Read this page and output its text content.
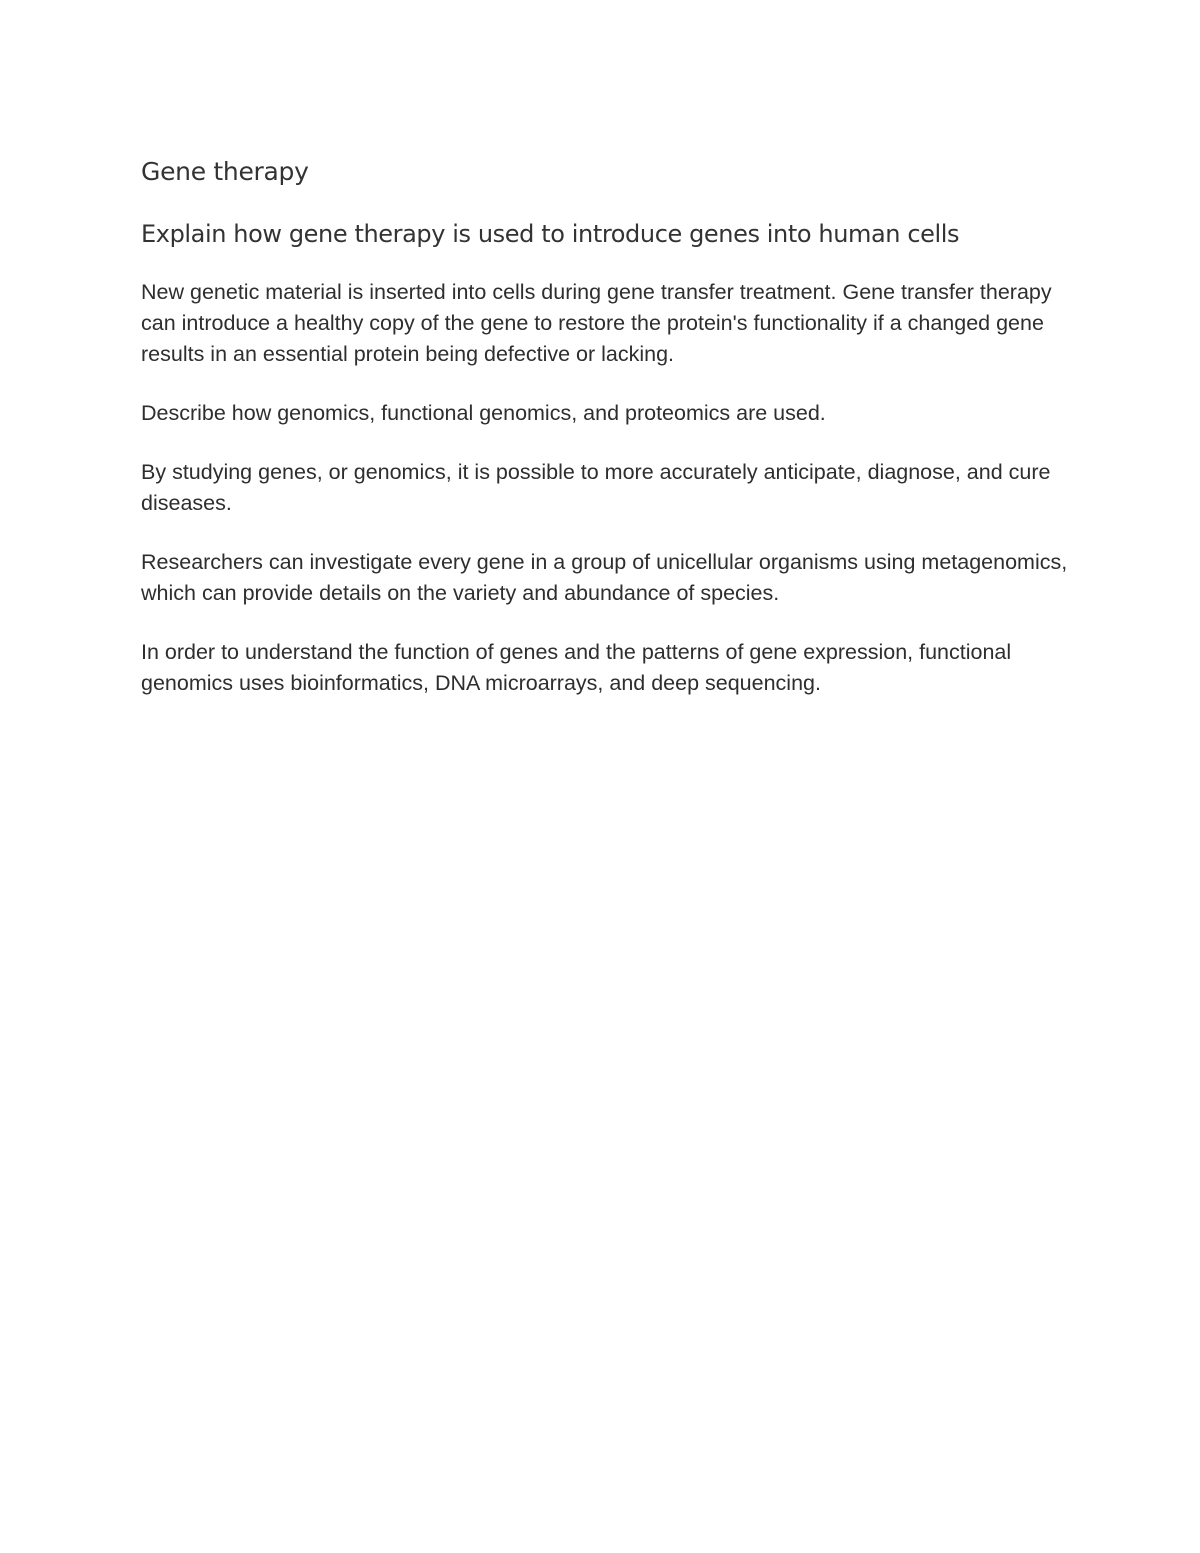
Gene therapy
Explain how gene therapy is used to introduce genes into human cells

New genetic material is inserted into cells during gene transfer treatment. Gene transfer therapy can introduce a healthy copy of the gene to restore the protein's functionality if a changed gene results in an essential protein being defective or lacking.

Describe how genomics, functional genomics, and proteomics are used.

By studying genes, or genomics, it is possible to more accurately anticipate, diagnose, and cure diseases.

Researchers can investigate every gene in a group of unicellular organisms using metagenomics, which can provide details on the variety and abundance of species.

In order to understand the function of genes and the patterns of gene expression, functional genomics uses bioinformatics, DNA microarrays, and deep sequencing.
